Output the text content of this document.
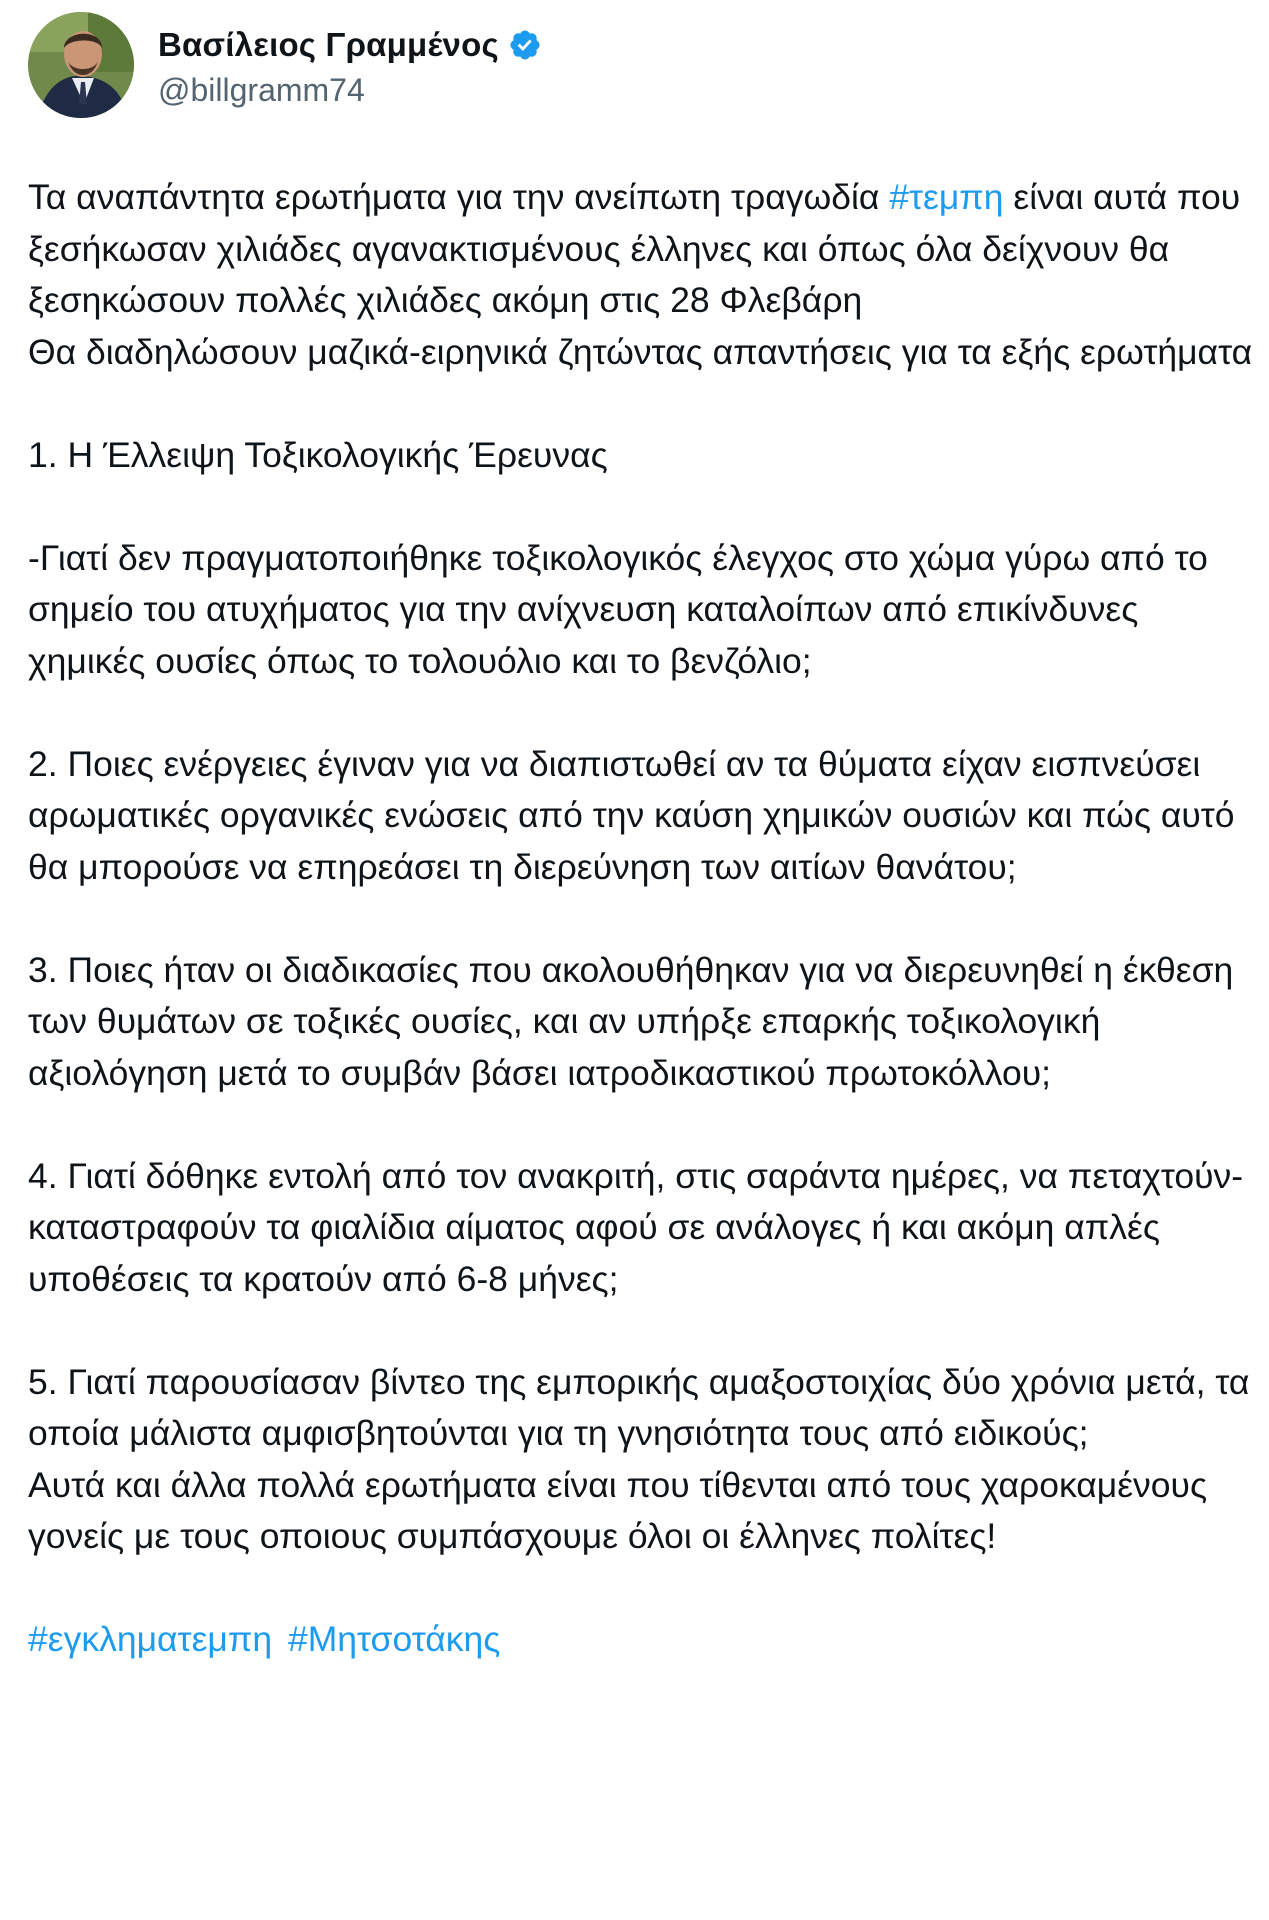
Βασίλειος Γραμμένος
@billgramm74

Τα αναπάντητα ερωτήματα για την ανείπωτη τραγωδία #τεμπη είναι αυτά που ξεσήκωσαν χιλιάδες αγανακτισμένους έλληνες και όπως όλα δείχνουν θα ξεσηκώσουν πολλές χιλιάδες ακόμη στις 28 Φλεβάρη

Θα διαδηλώσουν μαζικά-ειρηνικά ζητώντας απαντήσεις για τα εξής ερωτήματα

1. Η Έλλειψη Τοξικολογικής Έρευνας

-Γιατί δεν πραγματοποιήθηκε τοξικολογικός έλεγχος στο χώμα γύρω από το σημείο του ατυχήματος για την ανίχνευση καταλοίπων από επικίνδυνες χημικές ουσίες όπως το τολουόλιο και το βενζόλιο;

2. Ποιες ενέργειες έγιναν για να διαπιστωθεί αν τα θύματα είχαν εισπνεύσει αρωματικές οργανικές ενώσεις από την καύση χημικών ουσιών και πώς αυτό θα μπορούσε να επηρεάσει τη διερεύνηση των αιτίων θανάτου;

3. Ποιες ήταν οι διαδικασίες που ακολουθήθηκαν για να διερευνηθεί η έκθεση των θυμάτων σε τοξικές ουσίες, και αν υπήρξε επαρκής τοξικολογική αξιολόγηση μετά το συμβάν βάσει ιατροδικαστικού πρωτοκόλλου;

4. Γιατί δόθηκε εντολή από τον ανακριτή, στις σαράντα ημέρες, να πεταχτούν- καταστραφούν τα φιαλίδια αίματος αφού σε ανάλογες ή και ακόμη απλές υποθέσεις τα κρατούν από 6-8 μήνες;

5. Γιατί παρουσίασαν βίντεο της εμπορικής αμαξοστοιχίας δύο χρόνια μετά, τα οποία μάλιστα αμφισβητούνται για τη γνησιότητα τους από ειδικούς;

Αυτά και άλλα πολλά ερωτήματα είναι που τίθενται από τους χαροκαμένους γονείς με τους οποιους συμπάσχουμε όλοι οι έλληνες πολίτες!

#εγκληματεμπη #Μητσοτάκης
